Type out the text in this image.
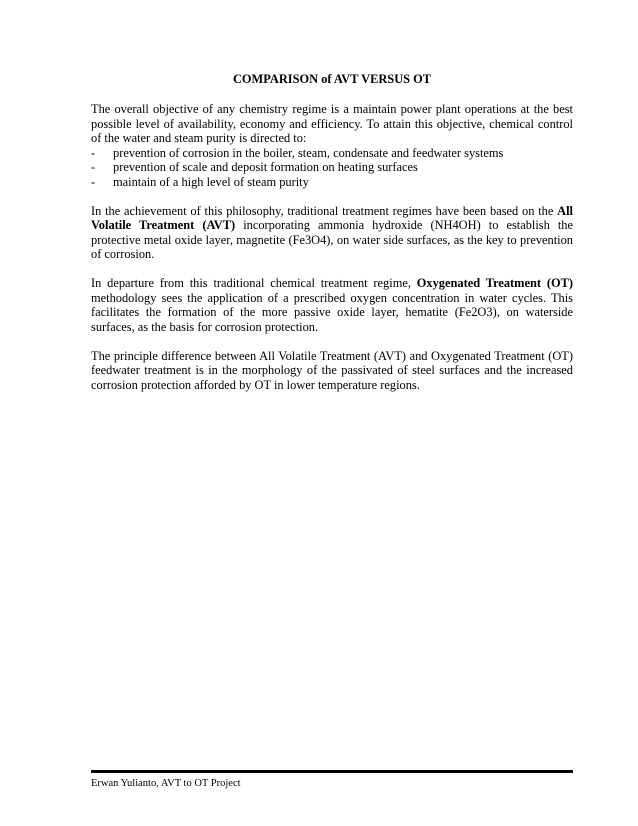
COMPARISON of AVT VERSUS OT

The overall objective of any chemistry regime is a maintain power plant operations at the best possible level of availability, economy and efficiency. To attain this objective, chemical control of the water and steam purity is directed to:

- prevention of corrosion in the boiler, steam, condensate and feedwater systems
- prevention of scale and deposit formation on heating surfaces
- maintain of a high level of steam purity

In the achievement of this philosophy, traditional treatment regimes have been based on the All Volatile Treatment (AVT) incorporating ammonia hydroxide (NH4OH) to establish the protective metal oxide layer, magnetite (Fe3O4), on water side surfaces, as the key to prevention of corrosion.

In departure from this traditional chemical treatment regime, Oxygenated Treatment (OT) methodology sees the application of a prescribed oxygen concentration in water cycles. This facilitates the formation of the more passive oxide layer, hematite (Fe2O3), on waterside surfaces, as the basis for corrosion protection.

The principle difference between All Volatile Treatment (AVT) and Oxygenated Treatment (OT) feedwater treatment is in the morphology of the passivated of steel surfaces and the increased corrosion protection afforded by OT in lower temperature regions.

Erwan Yulianto, AVT to OT Project
